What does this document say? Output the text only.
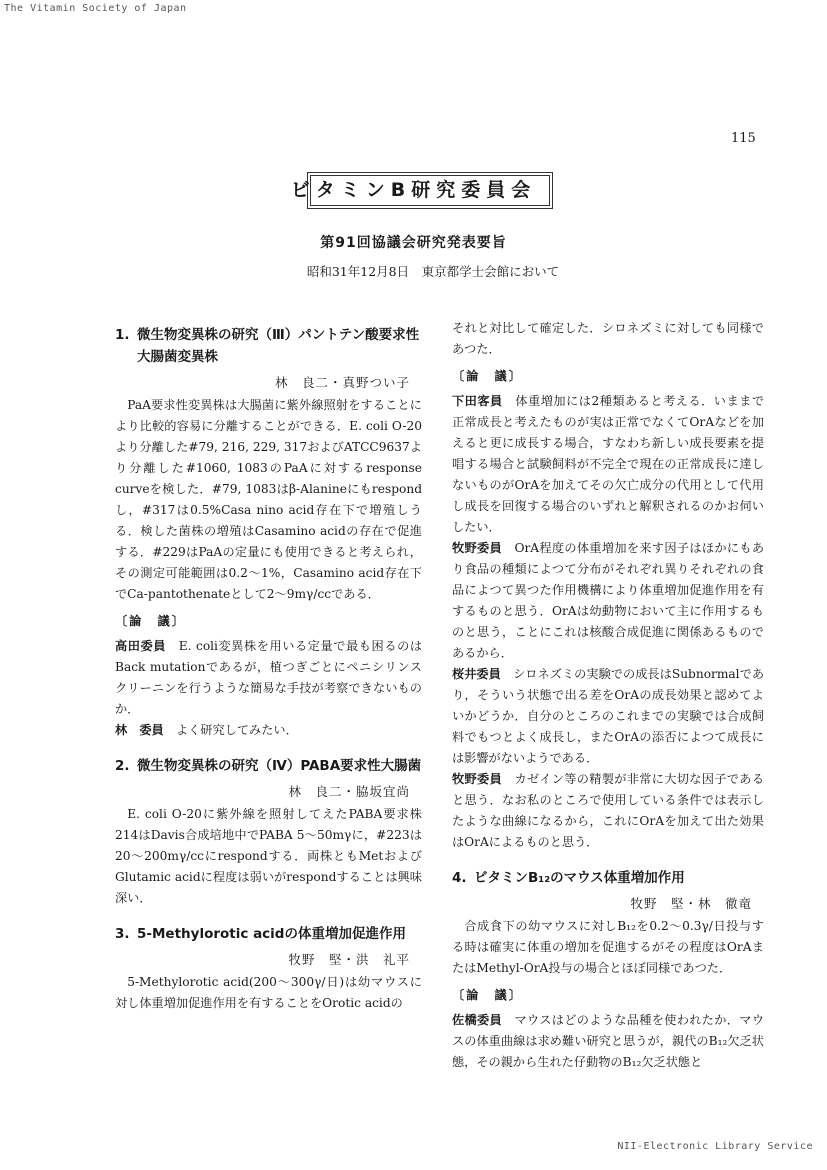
The Vitamin Society of Japan
115
ビタミンB研究委員会
第91回協議会研究発表要旨
昭和31年12月8日　東京都学士会館において
1. 微生物変異株の研究（Ⅲ）パントテン酸要求性大腸菌変異株
林　良二・真野つい子

PaA要求性変異株は大腸菌に紫外線照射をすることにより比較的容易に分離することができる．E. coli O-20より分離した#79, 216, 229, 317およびATCC9637より分離した#1060, 1083のPaAに対するresponse curveを検した．#79, 1083はβ-Alanineにもrespondし，#317は0.5%Casa nino acid存在下で増殖しうる．検した菌株の増殖はCasamino acidの存在で促進する．#229はPaAの定量にも使用できると考えられ，その測定可能範囲は0.2〜1%，Casamino acid存在下でCa-pantothenateとして2〜9mγ/ccである．

〔論　議〕

高田委員　 E. coli変異株を用いる定量で最も困るのはBack mutationであるが，植つぎごとにペニシリンスクリーニンを行うような簡易な手技が考察できないものか．

林　委員　 よく研究してみたい．

2. 微生物変異株の研究（Ⅳ）PABA要求性大腸菌
林　良二・脇坂宜尚

E. coli O-20に紫外線を照射してえたPABA要求株214はDavis合成培地中でPABA 5〜50mγに，#223は20〜200mγ/ccにrespondする．両株ともMetおよびGlutamic acidに程度は弱いがrespondすることは興味深い．

3. 5-Methylorotic acidの体重増加促進作用
牧野　堅・洪　礼平

5-Methylorotic acid(200〜300γ/日)は幼マウスに対し体重増加促進作用を有することをOrotic acidの

それと対比して確定した．シロネズミに対しても同様であつた．

〔論　議〕

下田客員　 体重増加には2種類あると考える．いままで正常成長と考えたものが実は正常でなくてOrAなどを加えると更に成長する場合，すなわち新しい成長要素を提唱する場合と試験飼料が不完全で現在の正常成長に達しないものがOrAを加えてその欠亡成分の代用として代用し成長を回復する場合のいずれと解釈されるのかお伺いしたい．

牧野委員　 OrA程度の体重増加を来す因子はほかにもあり食品の種類によつて分布がそれぞれ異りそれぞれの食品によつて異つた作用機構により体重増加促進作用を有するものと思う．OrAは幼動物において主に作用するものと思う，ことにこれは核酸合成促進に関係あるものであるから．

桜井委員　 シロネズミの実験での成長はSubnormalであり，そういう状態で出る差をOrAの成長効果と認めてよいかどうか．自分のところのこれまでの実験では合成飼料でもつとよく成長し，またOrAの添否によつて成長には影響がないようである．

牧野委員　 カゼイン等の精製が非常に大切な因子であると思う．なお私のところで使用している条件では表示したような曲線になるから，これにOrAを加えて出た効果はOrAによるものと思う．

4. ビタミンB₁₂のマウス体重増加作用
牧野　堅・林　徹竜

合成食下の幼マウスに対しB₁₂を0.2〜0.3γ/日投与する時は確実に体重の増加を促進するがその程度はOrAまたはMethyl-OrA投与の場合とほぼ同様であつた．

〔論　議〕

佐橋委員　 マウスはどのような品種を使われたか．マウスの体重曲線は求め難い研究と思うが，親代のB₁₂欠乏状態，その親から生れた仔動物のB₁₂欠乏状態と

NII-Electronic Library Service
